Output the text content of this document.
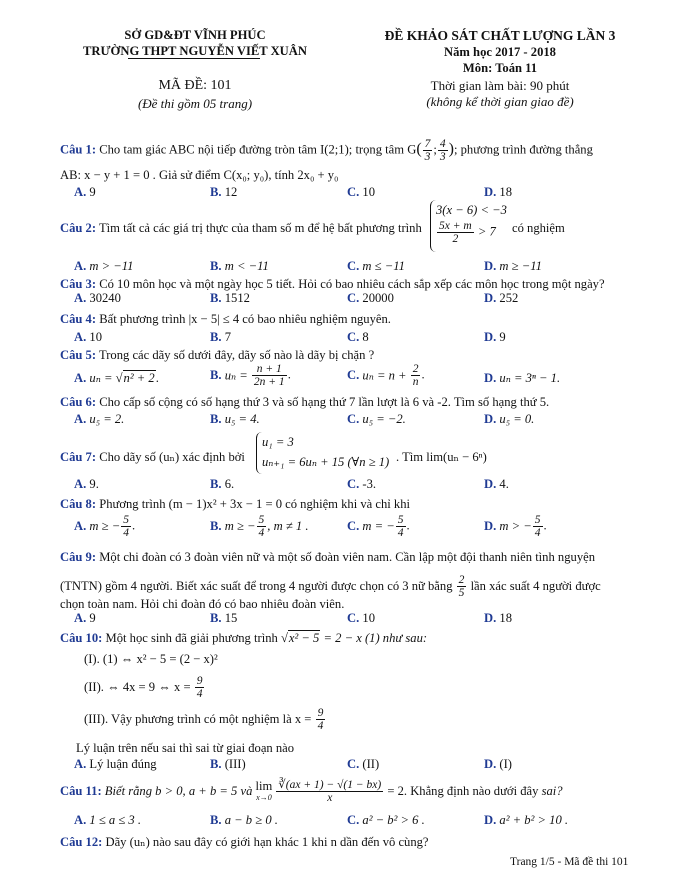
SỞ GD&ĐT VĨNH PHÚC
TRƯỜNG THPT NGUYỄN VIẾT XUÂN
MÃ ĐỀ: 101
(Đề thi gồm 05 trang)
ĐỀ KHẢO SÁT CHẤT LƯỢNG LẦN 3
Năm học 2017 - 2018
Môn: Toán 11
Thời gian làm bài: 90 phút
(không kể thời gian giao đề)
Câu 1: Cho tam giác ABC nội tiếp đường tròn tâm I(2;1); trọng tâm $G( \frac{7}{3}$ ; $\frac{4}{3}$ ); phương trình đường thẳng
AB: x − y + 1 = 0 . Giả sử điểm C(x₀; y₀), tính 2x₀ + y₀
A. 9	B. 12	C. 10	D. 18
Câu 2: Tìm tất cả các giá trị thực của tham số m để hệ bất phương trình
3(x − 6) < −3
$\frac{5x + m}{2} > 7$	có nghiệm
A. m > −11	B. m < −11	C. m ≤ −11	D. m ≥ −11
Câu 3: Có 10 môn học và một ngày học 5 tiết. Hỏi có bao nhiêu cách sắp xếp các môn học trong một ngày?
A. 30240	B. 1512	C. 20000	D. 252
Câu 4: Bất phương trình |x − 5| ≤ 4 có bao nhiêu nghiệm nguyên.
A. 10	B. 7	C. 8	D. 9
Câu 5: Trong các dãy số dưới đây, dãy số nào là dãy bị chặn ?
A. uₙ = √n² + 2.	B. $u_n = \frac{n + 1}{2n + 1}$ .	C. $u_n = n + \frac{2}{n}$ .	D. uₙ = 3ⁿ − 1.
Câu 6: Cho cấp số cộng có số hạng thứ 3 và số hạng thứ 7 lần lượt là 6 và -2. Tìm số hạng thứ 5.
A. u₅ = 2.	B. u₅ = 4.	C. u₅ = −2.	D. u₅ = 0.
Câu 7: Cho dãy số (uₙ) xác định bởi
u₁ = 3
uₙ₊₁ = 6uₙ + 15 (∀n ≥ 1) . Tìm lim(uₙ − 6ⁿ)
A. 9.	B. 6.	C. -3.	D. 4.
Câu 8: Phương trình (m − 1)x² + 3x − 1 = 0 có nghiệm khi và chỉ khi
A. m ≥ − $\frac{5}{4}$ .	B. m ≥ − $\frac{5}{4}$ , m ≠ 1 .	C. m = − $\frac{5}{4}$ .	D. m > − $\frac{5}{4}$ .
Câu 9: Một chi đoàn có 3 đoàn viên nữ và một số đoàn viên nam. Cần lập một đội thanh niên tình nguyện
(TNTN) gồm 4 người. Biết xác suất để trong 4 người được chọn có 3 nữ bằng $\frac{2}{5}$ lần xác suất 4 người được
chọn toàn nam. Hỏi chi đoàn đó có bao nhiêu đoàn viên.
A. 9	B. 15	C. 10	D. 18
Câu 10: Một học sinh đã giải phương trình √x² − 5 = 2 − x (1) như sau:
(I). (1) ⇔ x² − 5 = (2 − x)²
(II). ⇔ 4x = 9 ⇔ $x = \frac{9}{4}$
(III). Vậy phương trình có một nghiệm là $x = \frac{9}{4}$
Lý luận trên nếu sai thì sai từ giai đoạn nào
A. Lý luận đúng	B. (III)	C. (II)	D. (I)
Câu 11: Biết rằng b > 0, a + b = 5 và lim
x→0
$\frac{∛(ax + 1) - √(1 - bx)}{x} = 2$. Khẳng định nào dưới đây sai?
A. 1 ≤ a ≤ 3 .	B. a − b ≥ 0 .	C. a² − b² > 6 .	D. a² + b² > 10 .
Câu 12: Dãy (uₙ) nào sau đây có giới hạn khác 1 khi n dần đến vô cùng?
Trang 1/5 - Mã đề thi 101
